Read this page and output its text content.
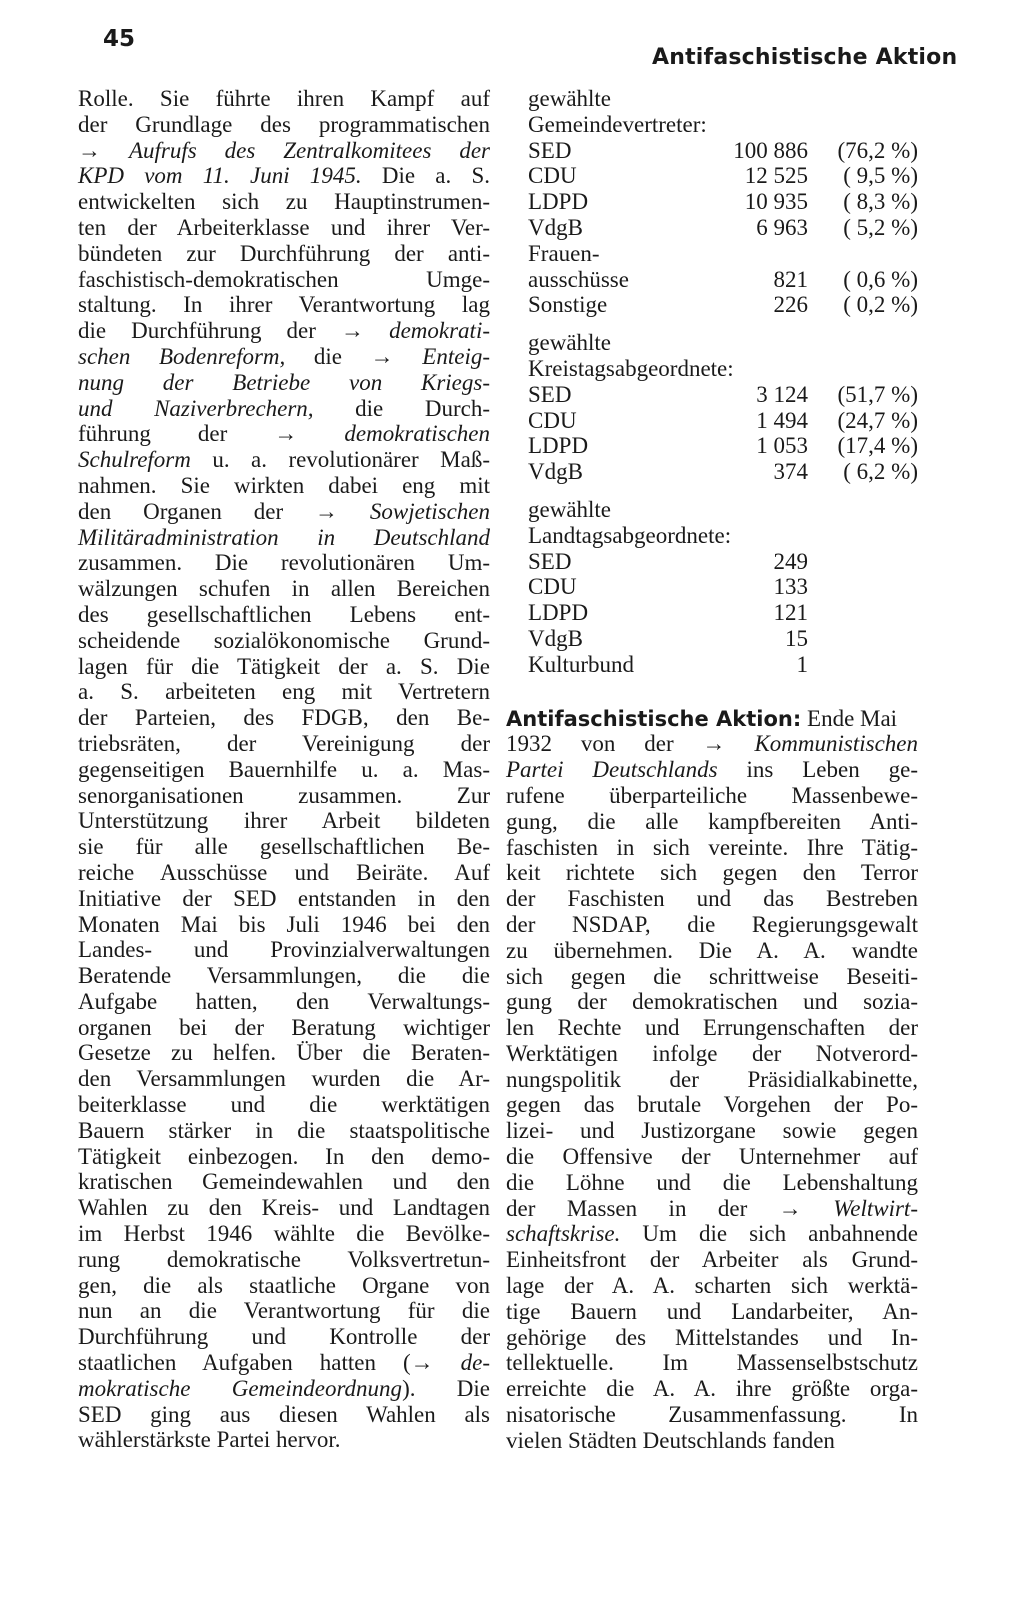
45
Antifaschistische Aktion
Rolle. Sie führte ihren Kampf auf
der Grundlage des programmatischen
→ Aufrufs des Zentralkomitees der
KPD vom 11. Juni 1945. Die a. S.
entwickelten sich zu Hauptinstrumen-
ten der Arbeiterklasse und ihrer Ver-
bündeten zur Durchführung der anti-
faschistisch-demokratischen Umge-
staltung. In ihrer Verantwortung lag
die Durchführung der → demokrati-
schen Bodenreform, die → Enteig-
nung der Betriebe von Kriegs-
und Naziverbrechern, die Durch-
führung der → demokratischen
Schulreform u. a. revolutionärer Maß-
nahmen. Sie wirkten dabei eng mit
den Organen der → Sowjetischen
Militäradministration in Deutschland
zusammen. Die revolutionären Um-
wälzungen schufen in allen Bereichen
des gesellschaftlichen Lebens ent-
scheidende sozialökonomische Grund-
lagen für die Tätigkeit der a. S. Die
a. S. arbeiteten eng mit Vertretern
der Parteien, des FDGB, den Be-
triebsräten, der Vereinigung der
gegenseitigen Bauernhilfe u. a. Mas-
senorganisationen zusammen. Zur
Unterstützung ihrer Arbeit bildeten
sie für alle gesellschaftlichen Be-
reiche Ausschüsse und Beiräte. Auf
Initiative der SED entstanden in den
Monaten Mai bis Juli 1946 bei den
Landes- und Provinzialverwaltungen
Beratende Versammlungen, die die
Aufgabe hatten, den Verwaltungs-
organen bei der Beratung wichtiger
Gesetze zu helfen. Über die Beraten-
den Versammlungen wurden die Ar-
beiterklasse und die werktätigen
Bauern stärker in die staatspolitische
Tätigkeit einbezogen. In den demo-
kratischen Gemeindewahlen und den
Wahlen zu den Kreis- und Landtagen
im Herbst 1946 wählte die Bevölke-
rung demokratische Volksvertretun-
gen, die als staatliche Organe von
nun an die Verantwortung für die
Durchführung und Kontrolle der
staatlichen Aufgaben hatten (→ de-
mokratische Gemeindeordnung). Die
SED ging aus diesen Wahlen als
wählerstärkste Partei hervor.
gewählte
Gemeindevertreter:
SED	100 886	(76,2 %)
CDU	12 525	( 9,5 %)
LDPD	10 935	( 8,3 %)
VdgB	6 963	( 5,2 %)
Frauen-
ausschüsse	821	( 0,6 %)
Sonstige	226	( 0,2 %)
gewählte
Kreistagsabgeordnete:
SED	3 124	(51,7 %)
CDU	1 494	(24,7 %)
LDPD	1 053	(17,4 %)
VdgB	374	( 6,2 %)
gewählte
Landtagsabgeordnete:
SED	249
CDU	133
LDPD	121
VdgB	15
Kulturbund	1
Antifaschistische Aktion: Ende Mai
1932 von der → Kommunistischen
Partei Deutschlands ins Leben ge-
rufene überparteiliche Massenbewe-
gung, die alle kampfbereiten Anti-
faschisten in sich vereinte. Ihre Tätig-
keit richtete sich gegen den Terror
der Faschisten und das Bestreben
der NSDAP, die Regierungsgewalt
zu übernehmen. Die A. A. wandte
sich gegen die schrittweise Beseiti-
gung der demokratischen und sozia-
len Rechte und Errungenschaften der
Werktätigen infolge der Notverord-
nungspolitik der Präsidialkabinette,
gegen das brutale Vorgehen der Po-
lizei- und Justizorgane sowie gegen
die Offensive der Unternehmer auf
die Löhne und die Lebenshaltung
der Massen in der → Weltwirt-
schaftskrise. Um die sich anbahnende
Einheitsfront der Arbeiter als Grund-
lage der A. A. scharten sich werktä-
tige Bauern und Landarbeiter, An-
gehörige des Mittelstandes und In-
tellektuelle. Im Massenselbstschutz
erreichte die A. A. ihre größte orga-
nisatorische Zusammenfassung. In
vielen Städten Deutschlands fanden
